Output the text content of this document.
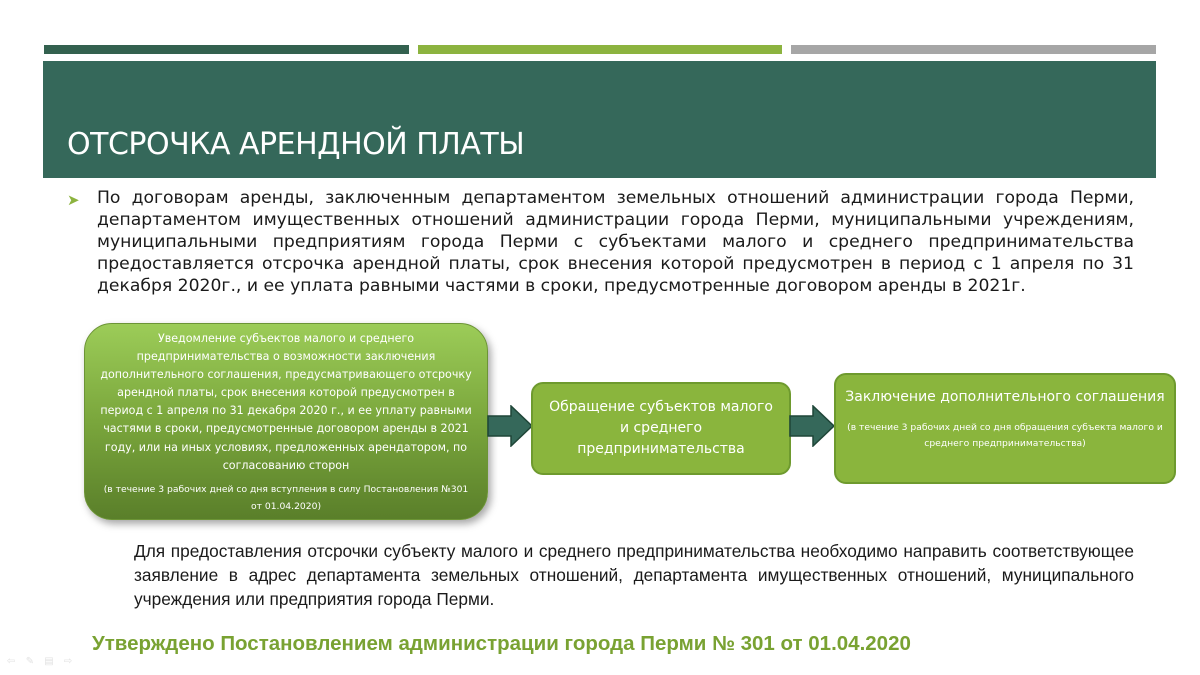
ОТСРОЧКА АРЕНДНОЙ ПЛАТЫ
➤ По договорам аренды, заключенным департаментом земельных отношений администрации города Перми, департаментом имущественных отношений администрации города Перми, муниципальными учреждениям, муниципальными предприятиям города Перми с субъектами малого и среднего предпринимательства предоставляется отсрочка арендной платы, срок внесения которой предусмотрен в период с 1 апреля по 31 декабря 2020г., и ее уплата равными частями в сроки, предусмотренные договором аренды в 2021г.

Уведомление субъектов малого и среднего предпринимательства о возможности заключения дополнительного соглашения, предусматривающего отсрочку арендной платы, срок внесения которой предусмотрен в период с 1 апреля по 31 декабря 2020 г., и ее уплату равными частями в сроки, предусмотренные договором аренды в 2021 году, или на иных условиях, предложенных арендатором, по согласованию сторон

(в течение 3 рабочих дней со дня вступления в силу Постановления №301 от 01.04.2020)

Обращение субъектов малого и среднего предпринимательства

Заключение дополнительного соглашения

(в течение 3 рабочих дней со дня обращения субъекта малого и среднего предпринимательства)

Для предоставления отсрочки субъекту малого и среднего предпринимательства необходимо направить соответствующее заявление в адрес департамента земельных отношений, департамента имущественных отношений, муниципального учреждения или предприятия города Перми.

Утверждено Постановлением администрации города Перми № 301 от 01.04.2020

⇦ ✎ ▤ ⇨
